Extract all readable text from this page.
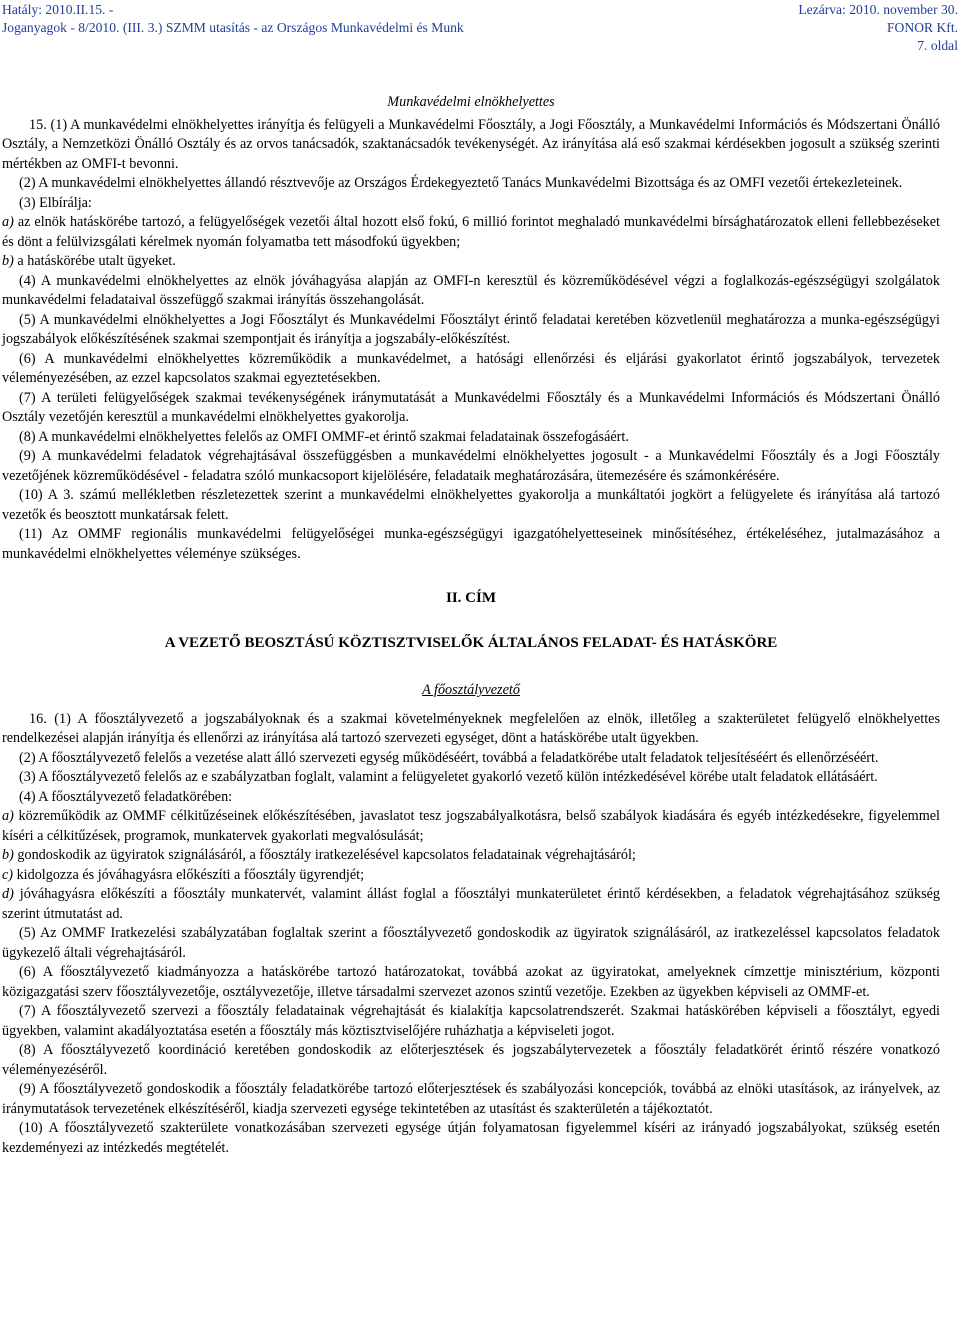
Hatály: 2010.II.15. -
Joganyagok - 8/2010. (III. 3.) SZMM utasítás - az Országos Munkavédelmi és Munk
Lezárva: 2010. november 30.
FONOR Kft.
7. oldal

Munkavédelmi elnökhelyettes

15. (1) A munkavédelmi elnökhelyettes irányítja és felügyeli a Munkavédelmi Főosztály, a Jogi Főosztály, a Munkavédelmi Információs és Módszertani Önálló Osztály, a Nemzetközi Önálló Osztály és az orvos tanácsadók, szaktanácsadók tevékenységét. Az irányítása alá eső szakmai kérdésekben jogosult a szükség szerinti mértékben az OMFI-t bevonni.

(2) A munkavédelmi elnökhelyettes állandó résztvevője az Országos Érdekegyeztető Tanács Munkavédelmi Bizottsága és az OMFI vezetői értekezleteinek.

(3) Elbírálja:

a) az elnök hatáskörébe tartozó, a felügyelőségek vezetői által hozott első fokú, 6 millió forintot meghaladó munkavédelmi bírsághatározatok elleni fellebbezéseket és dönt a felülvizsgálati kérelmek nyomán folyamatba tett másodfokú ügyekben;

b) a hatáskörébe utalt ügyeket.

(4) A munkavédelmi elnökhelyettes az elnök jóváhagyása alapján az OMFI-n keresztül és közreműködésével végzi a foglalkozás-egészségügyi szolgálatok munkavédelmi feladataival összefüggő szakmai irányítás összehangolását.

(5) A munkavédelmi elnökhelyettes a Jogi Főosztályt és Munkavédelmi Főosztályt érintő feladatai keretében közvetlenül meghatározza a munka-egészségügyi jogszabályok előkészítésének szakmai szempontjait és irányítja a jogszabály-előkészítést.

(6) A munkavédelmi elnökhelyettes közreműködik a munkavédelmet, a hatósági ellenőrzési és eljárási gyakorlatot érintő jogszabályok, tervezetek véleményezésében, az ezzel kapcsolatos szakmai egyeztetésekben.

(7) A területi felügyelőségek szakmai tevékenységének iránymutatását a Munkavédelmi Főosztály és a Munkavédelmi Információs és Módszertani Önálló Osztály vezetőjén keresztül a munkavédelmi elnökhelyettes gyakorolja.

(8) A munkavédelmi elnökhelyettes felelős az OMFI OMMF-et érintő szakmai feladatainak összefogásáért.

(9) A munkavédelmi feladatok végrehajtásával összefüggésben a munkavédelmi elnökhelyettes jogosult - a Munkavédelmi Főosztály és a Jogi Főosztály vezetőjének közreműködésével - feladatra szóló munkacsoport kijelölésére, feladataik meghatározására, ütemezésére és számonkérésére.

(10) A 3. számú mellékletben részletezettek szerint a munkavédelmi elnökhelyettes gyakorolja a munkáltatói jogkört a felügyelete és irányítása alá tartozó vezetők és beosztott munkatársak felett.

(11) Az OMMF regionális munkavédelmi felügyelőségei munka-egészségügyi igazgatóhelyetteseinek minősítéséhez, értékeléséhez, jutalmazásához a munkavédelmi elnökhelyettes véleménye szükséges.

II. CÍM

A VEZETŐ BEOSZTÁSÚ KÖZTISZTVISELŐK ÁLTALÁNOS FELADAT- ÉS HATÁSKÖRE

A főosztályvezető

16. (1) A főosztályvezető a jogszabályoknak és a szakmai követelményeknek megfelelően az elnök, illetőleg a szakterületet felügyelő elnökhelyettes rendelkezései alapján irányítja és ellenőrzi az irányítása alá tartozó szervezeti egységet, dönt a hatáskörébe utalt ügyekben.

(2) A főosztályvezető felelős a vezetése alatt álló szervezeti egység működéséért, továbbá a feladatkörébe utalt feladatok teljesítéséért és ellenőrzéséért.

(3) A főosztályvezető felelős az e szabályzatban foglalt, valamint a felügyeletet gyakorló vezető külön intézkedésével körébe utalt feladatok ellátásáért.

(4) A főosztályvezető feladatkörében:

a) közreműködik az OMMF célkitűzéseinek előkészítésében, javaslatot tesz jogszabályalkotásra, belső szabályok kiadására és egyéb intézkedésekre, figyelemmel kíséri a célkitűzések, programok, munkatervek gyakorlati megvalósulását;

b) gondoskodik az ügyiratok szignálásáról, a főosztály iratkezelésével kapcsolatos feladatainak végrehajtásáról;

c) kidolgozza és jóváhagyásra előkészíti a főosztály ügyrendjét;

d) jóváhagyásra előkészíti a főosztály munkatervét, valamint állást foglal a főosztályi munkaterületet érintő kérdésekben, a feladatok végrehajtásához szükség szerint útmutatást ad.

(5) Az OMMF Iratkezelési szabályzatában foglaltak szerint a főosztályvezető gondoskodik az ügyiratok szignálásáról, az iratkezeléssel kapcsolatos feladatok ügykezelő általi végrehajtásáról.

(6) A főosztályvezető kiadmányozza a hatáskörébe tartozó határozatokat, továbbá azokat az ügyiratokat, amelyeknek címzettje minisztérium, központi közigazgatási szerv főosztályvezetője, osztályvezetője, illetve társadalmi szervezet azonos szintű vezetője. Ezekben az ügyekben képviseli az OMMF-et.

(7) A főosztályvezető szervezi a főosztály feladatainak végrehajtását és kialakítja kapcsolatrendszerét. Szakmai hatáskörében képviseli a főosztályt, egyedi ügyekben, valamint akadályoztatása esetén a főosztály más köztisztviselőjére ruházhatja a képviseleti jogot.

(8) A főosztályvezető koordináció keretében gondoskodik az előterjesztések és jogszabálytervezetek a főosztály feladatkörét érintő részére vonatkozó véleményezéséről.

(9) A főosztályvezető gondoskodik a főosztály feladatkörébe tartozó előterjesztések és szabályozási koncepciók, továbbá az elnöki utasítások, az irányelvek, az iránymutatások tervezetének elkészítéséről, kiadja szervezeti egysége tekintetében az utasítást és szakterületén a tájékoztatót.

(10) A főosztályvezető szakterülete vonatkozásában szervezeti egysége útján folyamatosan figyelemmel kíséri az irányadó jogszabályokat, szükség esetén kezdeményezi az intézkedés megtételét.
